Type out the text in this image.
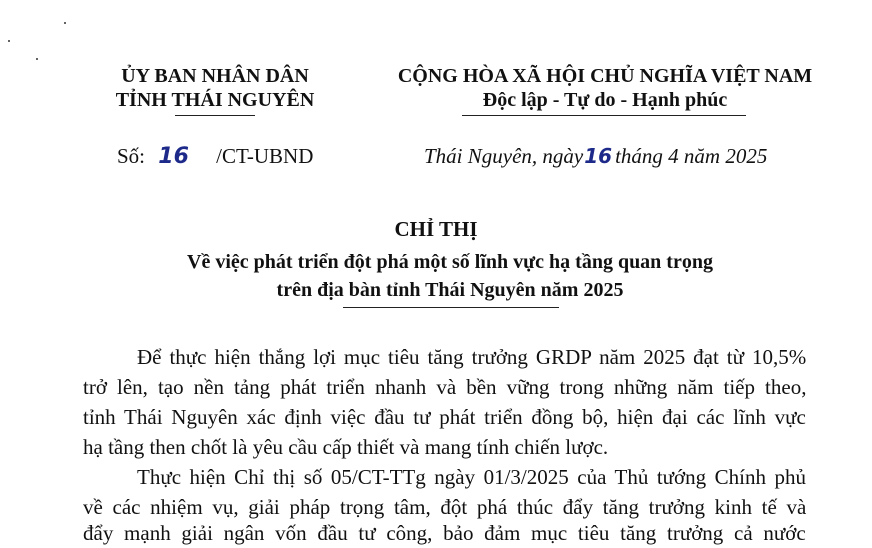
ỦY BAN NHÂN DÂN
TỈNH THÁI NGUYÊN
CỘNG HÒA XÃ HỘI CHỦ NGHĨA VIỆT NAM
Độc lập - Tự do - Hạnh phúc
Số: 16 /CT-UBND	Thái Nguyên, ngày16 tháng 4 năm 2025
CHỈ THỊ
Về việc phát triển đột phá một số lĩnh vực hạ tầng quan trọng
trên địa bàn tỉnh Thái Nguyên năm 2025
Để thực hiện thắng lợi mục tiêu tăng trưởng GRDP năm 2025 đạt từ 10,5%
trở lên, tạo nền tảng phát triển nhanh và bền vững trong những năm tiếp theo,
tỉnh Thái Nguyên xác định việc đầu tư phát triển đồng bộ, hiện đại các lĩnh vực
hạ tầng then chốt là yêu cầu cấp thiết và mang tính chiến lược.
Thực hiện Chỉ thị số 05/CT-TTg ngày 01/3/2025 của Thủ tướng Chính phủ
về các nhiệm vụ, giải pháp trọng tâm, đột phá thúc đẩy tăng trưởng kinh tế và
đẩy mạnh giải ngân vốn đầu tư công, bảo đảm mục tiêu tăng trưởng cả nước
